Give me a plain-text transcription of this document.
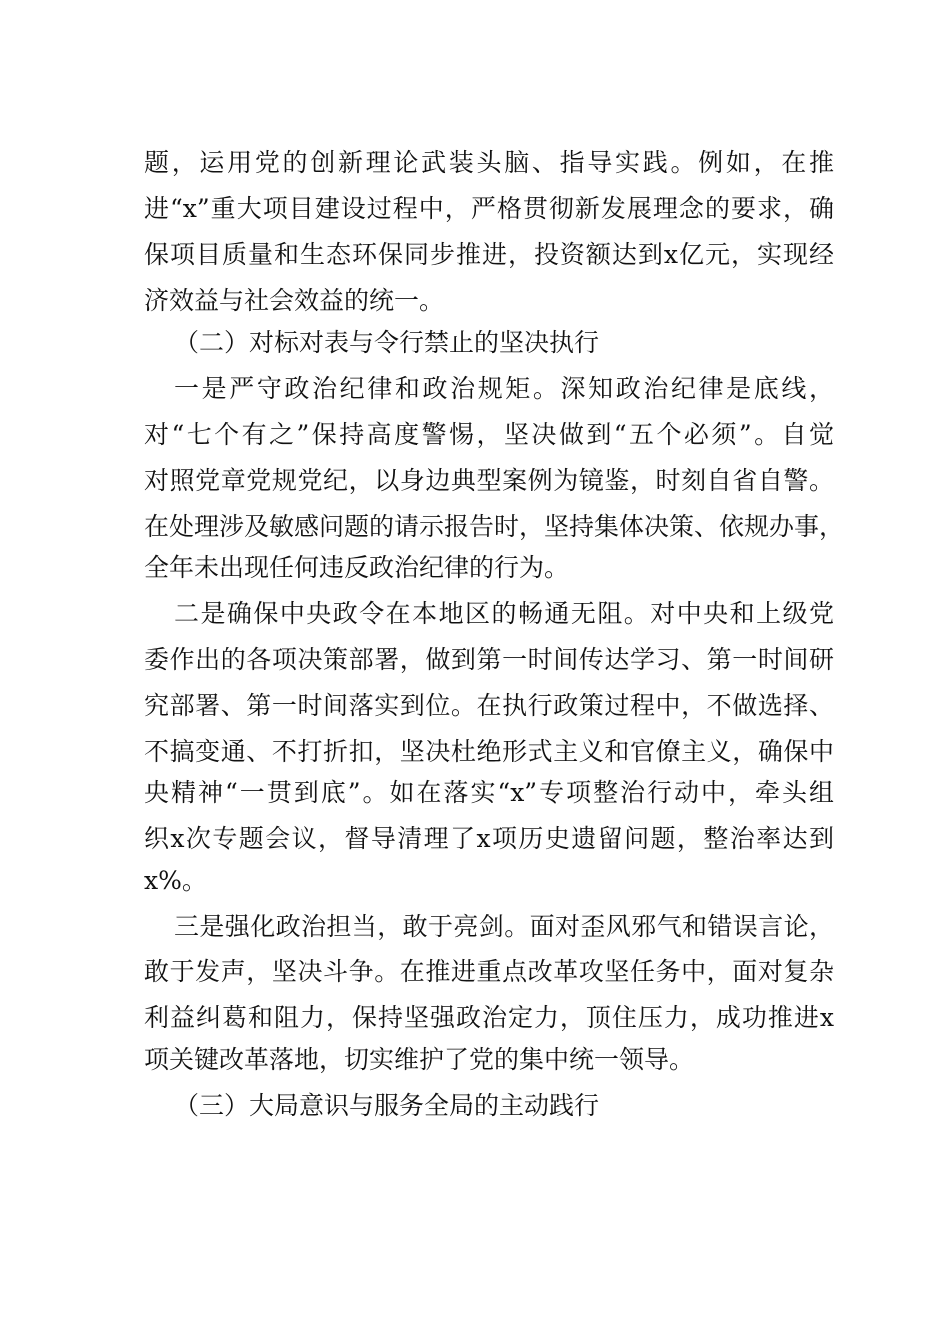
题，运用党的创新理论武装头脑、指导实践。例如，在推
进“x”重大项目建设过程中，严格贯彻新发展理念的要求，确
保项目质量和生态环保同步推进，投资额达到x亿元，实现经
济效益与社会效益的统一。
（二）对标对表与令行禁止的坚决执行
一是严守政治纪律和政治规矩。深知政治纪律是底线，
对“七个有之”保持高度警惕，坚决做到“五个必须”。自觉
对照党章党规党纪，以身边典型案例为镜鉴，时刻自省自警。
在处理涉及敏感问题的请示报告时，坚持集体决策、依规办事，
全年未出现任何违反政治纪律的行为。
二是确保中央政令在本地区的畅通无阻。对中央和上级党
委作出的各项决策部署，做到第一时间传达学习、第一时间研
究部署、第一时间落实到位。在执行政策过程中，不做选择、
不搞变通、不打折扣，坚决杜绝形式主义和官僚主义，确保中
央精神“一贯到底”。如在落实“x”专项整治行动中，牵头组
织x次专题会议，督导清理了x项历史遗留问题，整治率达到
x%。
三是强化政治担当，敢于亮剑。面对歪风邪气和错误言论，
敢于发声，坚决斗争。在推进重点改革攻坚任务中，面对复杂
利益纠葛和阻力，保持坚强政治定力，顶住压力，成功推进x
项关键改革落地，切实维护了党的集中统一领导。
（三）大局意识与服务全局的主动践行
